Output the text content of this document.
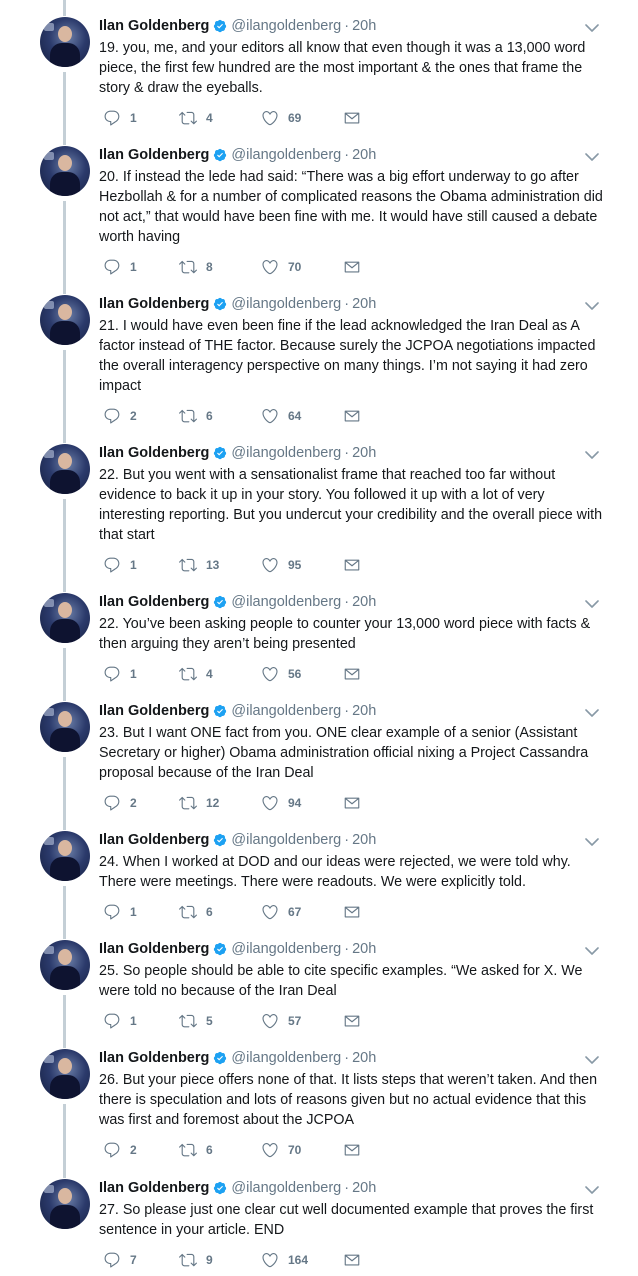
Ilan Goldenberg @ilangoldenberg · 20h
19. you, me, and your editors all know that even though it was a 13,000 word piece, the first few hundred are the most important & the ones that frame the story & draw the eyeballs.
1	4	69
Ilan Goldenberg @ilangoldenberg · 20h
20. If instead the lede had said: “There was a big effort underway to go after Hezbollah & for a number of complicated reasons the Obama administration did not act,” that would have been fine with me. It would have still caused a debate worth having
1	8	70
Ilan Goldenberg @ilangoldenberg · 20h
21. I would have even been fine if the lead acknowledged the Iran Deal as A factor instead of THE factor. Because surely the JCPOA negotiations impacted the overall interagency perspective on many things. I’m not saying it had zero impact
2	6	64
Ilan Goldenberg @ilangoldenberg · 20h
22. But you went with a sensationalist frame that reached too far without evidence to back it up in your story. You followed it up with a lot of very interesting reporting. But you undercut your credibility and the overall piece with that start
1	13	95
Ilan Goldenberg @ilangoldenberg · 20h
22. You’ve been asking people to counter your 13,000 word piece with facts & then arguing they aren’t being presented
1	4	56
Ilan Goldenberg @ilangoldenberg · 20h
23. But I want ONE fact from you. ONE clear example of a senior (Assistant Secretary or higher) Obama administration official nixing a Project Cassandra proposal because of the Iran Deal
2	12	94
Ilan Goldenberg @ilangoldenberg · 20h
24. When I worked at DOD and our ideas were rejected, we were told why. There were meetings. There were readouts. We were explicitly told.
1	6	67
Ilan Goldenberg @ilangoldenberg · 20h
25. So people should be able to cite specific examples. “We asked for X. We were told no because of the Iran Deal
1	5	57
Ilan Goldenberg @ilangoldenberg · 20h
26. But your piece offers none of that. It lists steps that weren’t taken. And then there is speculation and lots of reasons given but no actual evidence that this was first and foremost about the JCPOA
2	6	70
Ilan Goldenberg @ilangoldenberg · 20h
27. So please just one clear cut well documented example that proves the first sentence in your article. END
7	9	164
